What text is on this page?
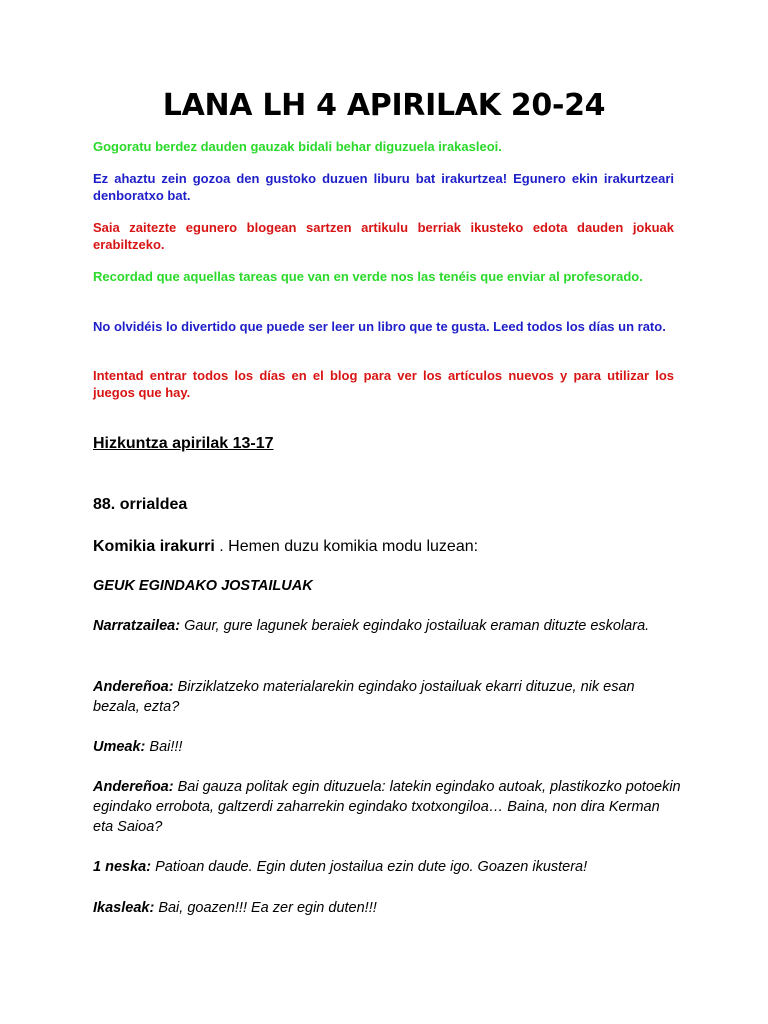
LANA LH 4 APIRILAK 20-24
Gogoratu berdez dauden gauzak bidali behar diguzuela irakasleoi.
Ez ahaztu zein gozoa den gustoko duzuen liburu bat irakurtzea! Egunero ekin irakurtzeari denboratxo bat.
Saia zaitezte egunero blogean sartzen artikulu berriak ikusteko edota dauden jokuak erabiltzeko.
Recordad que aquellas tareas que van en verde nos las tenéis que enviar al profesorado.
No olvidéis lo divertido que puede ser leer un libro que te gusta. Leed todos los días un rato.
Intentad entrar todos los días en el blog para ver los artículos nuevos y para utilizar los juegos que hay.
Hizkuntza apirilak 13-17
88. orrialdea
Komikia irakurri . Hemen duzu komikia modu luzean:
GEUK EGINDAKO JOSTAILUAK
Narratzailea: Gaur, gure lagunek beraiek egindako jostailuak eraman dituzte eskolara.
Andereñoa: Birziklatzeko materialarekin egindako jostailuak ekarri dituzue, nik esan bezala, ezta?
Umeak: Bai!!!
Andereñoa: Bai gauza politak egin dituzuela: latekin egindako autoak, plastikozko potoekin egindako errobota, galtzerdi zaharrekin egindako txotxongiloa… Baina, non dira Kerman eta Saioa?
1 neska: Patioan daude. Egin duten jostailua ezin dute igo. Goazen ikustera!
Ikasleak: Bai, goazen!!! Ea zer egin duten!!!
